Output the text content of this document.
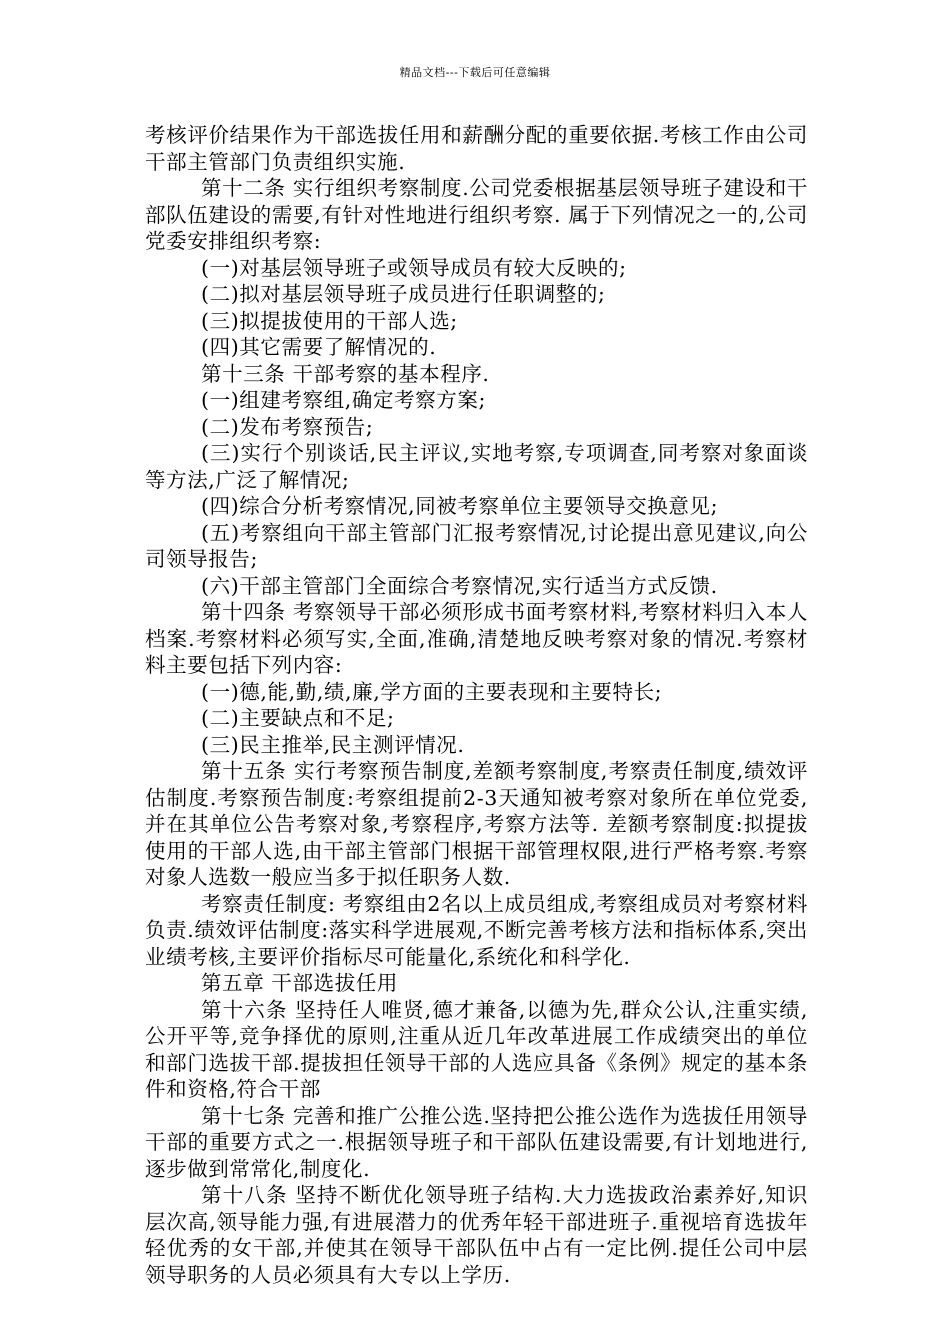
精品文档---下载后可任意编辑

考核评价结果作为干部选拔任用和薪酬分配的重要依据.考核工作由公司干部主管部门负责组织实施.

第十二条 实行组织考察制度.公司党委根据基层领导班子建设和干部队伍建设的需要,有针对性地进行组织考察. 属于下列情况之一的,公司党委安排组织考察:

(一)对基层领导班子或领导成员有较大反映的;

(二)拟对基层领导班子成员进行任职调整的;

(三)拟提拔使用的干部人选;

(四)其它需要了解情况的.

第十三条 干部考察的基本程序.

(一)组建考察组,确定考察方案;

(二)发布考察预告;

(三)实行个别谈话,民主评议,实地考察,专项调查,同考察对象面谈等方法,广泛了解情况;

(四)综合分析考察情况,同被考察单位主要领导交换意见;

(五)考察组向干部主管部门汇报考察情况,讨论提出意见建议,向公司领导报告;

(六)干部主管部门全面综合考察情况,实行适当方式反馈.

第十四条 考察领导干部必须形成书面考察材料,考察材料归入本人档案.考察材料必须写实,全面,准确,清楚地反映考察对象的情况.考察材料主要包括下列内容:

(一)德,能,勤,绩,廉,学方面的主要表现和主要特长;

(二)主要缺点和不足;

(三)民主推举,民主测评情况.

第十五条 实行考察预告制度,差额考察制度,考察责任制度,绩效评估制度.考察预告制度:考察组提前2-3天通知被考察对象所在单位党委,并在其单位公告考察对象,考察程序,考察方法等. 差额考察制度:拟提拔使用的干部人选,由干部主管部门根据干部管理权限,进行严格考察.考察对象人选数一般应当多于拟任职务人数.

考察责任制度: 考察组由2名以上成员组成,考察组成员对考察材料负责.绩效评估制度:落实科学进展观,不断完善考核方法和指标体系,突出业绩考核,主要评价指标尽可能量化,系统化和科学化.

第五章 干部选拔任用

第十六条 坚持任人唯贤,德才兼备,以德为先,群众公认,注重实绩,公开平等,竞争择优的原则,注重从近几年改革进展工作成绩突出的单位和部门选拔干部.提拔担任领导干部的人选应具备《条例》规定的基本条件和资格,符合干部

第十七条 完善和推广公推公选.坚持把公推公选作为选拔任用领导干部的重要方式之一.根据领导班子和干部队伍建设需要,有计划地进行,逐步做到常常化,制度化.

第十八条 坚持不断优化领导班子结构.大力选拔政治素养好,知识层次高,领导能力强,有进展潜力的优秀年轻干部进班子.重视培育选拔年轻优秀的女干部,并使其在领导干部队伍中占有一定比例.提任公司中层领导职务的人员必须具有大专以上学历.
